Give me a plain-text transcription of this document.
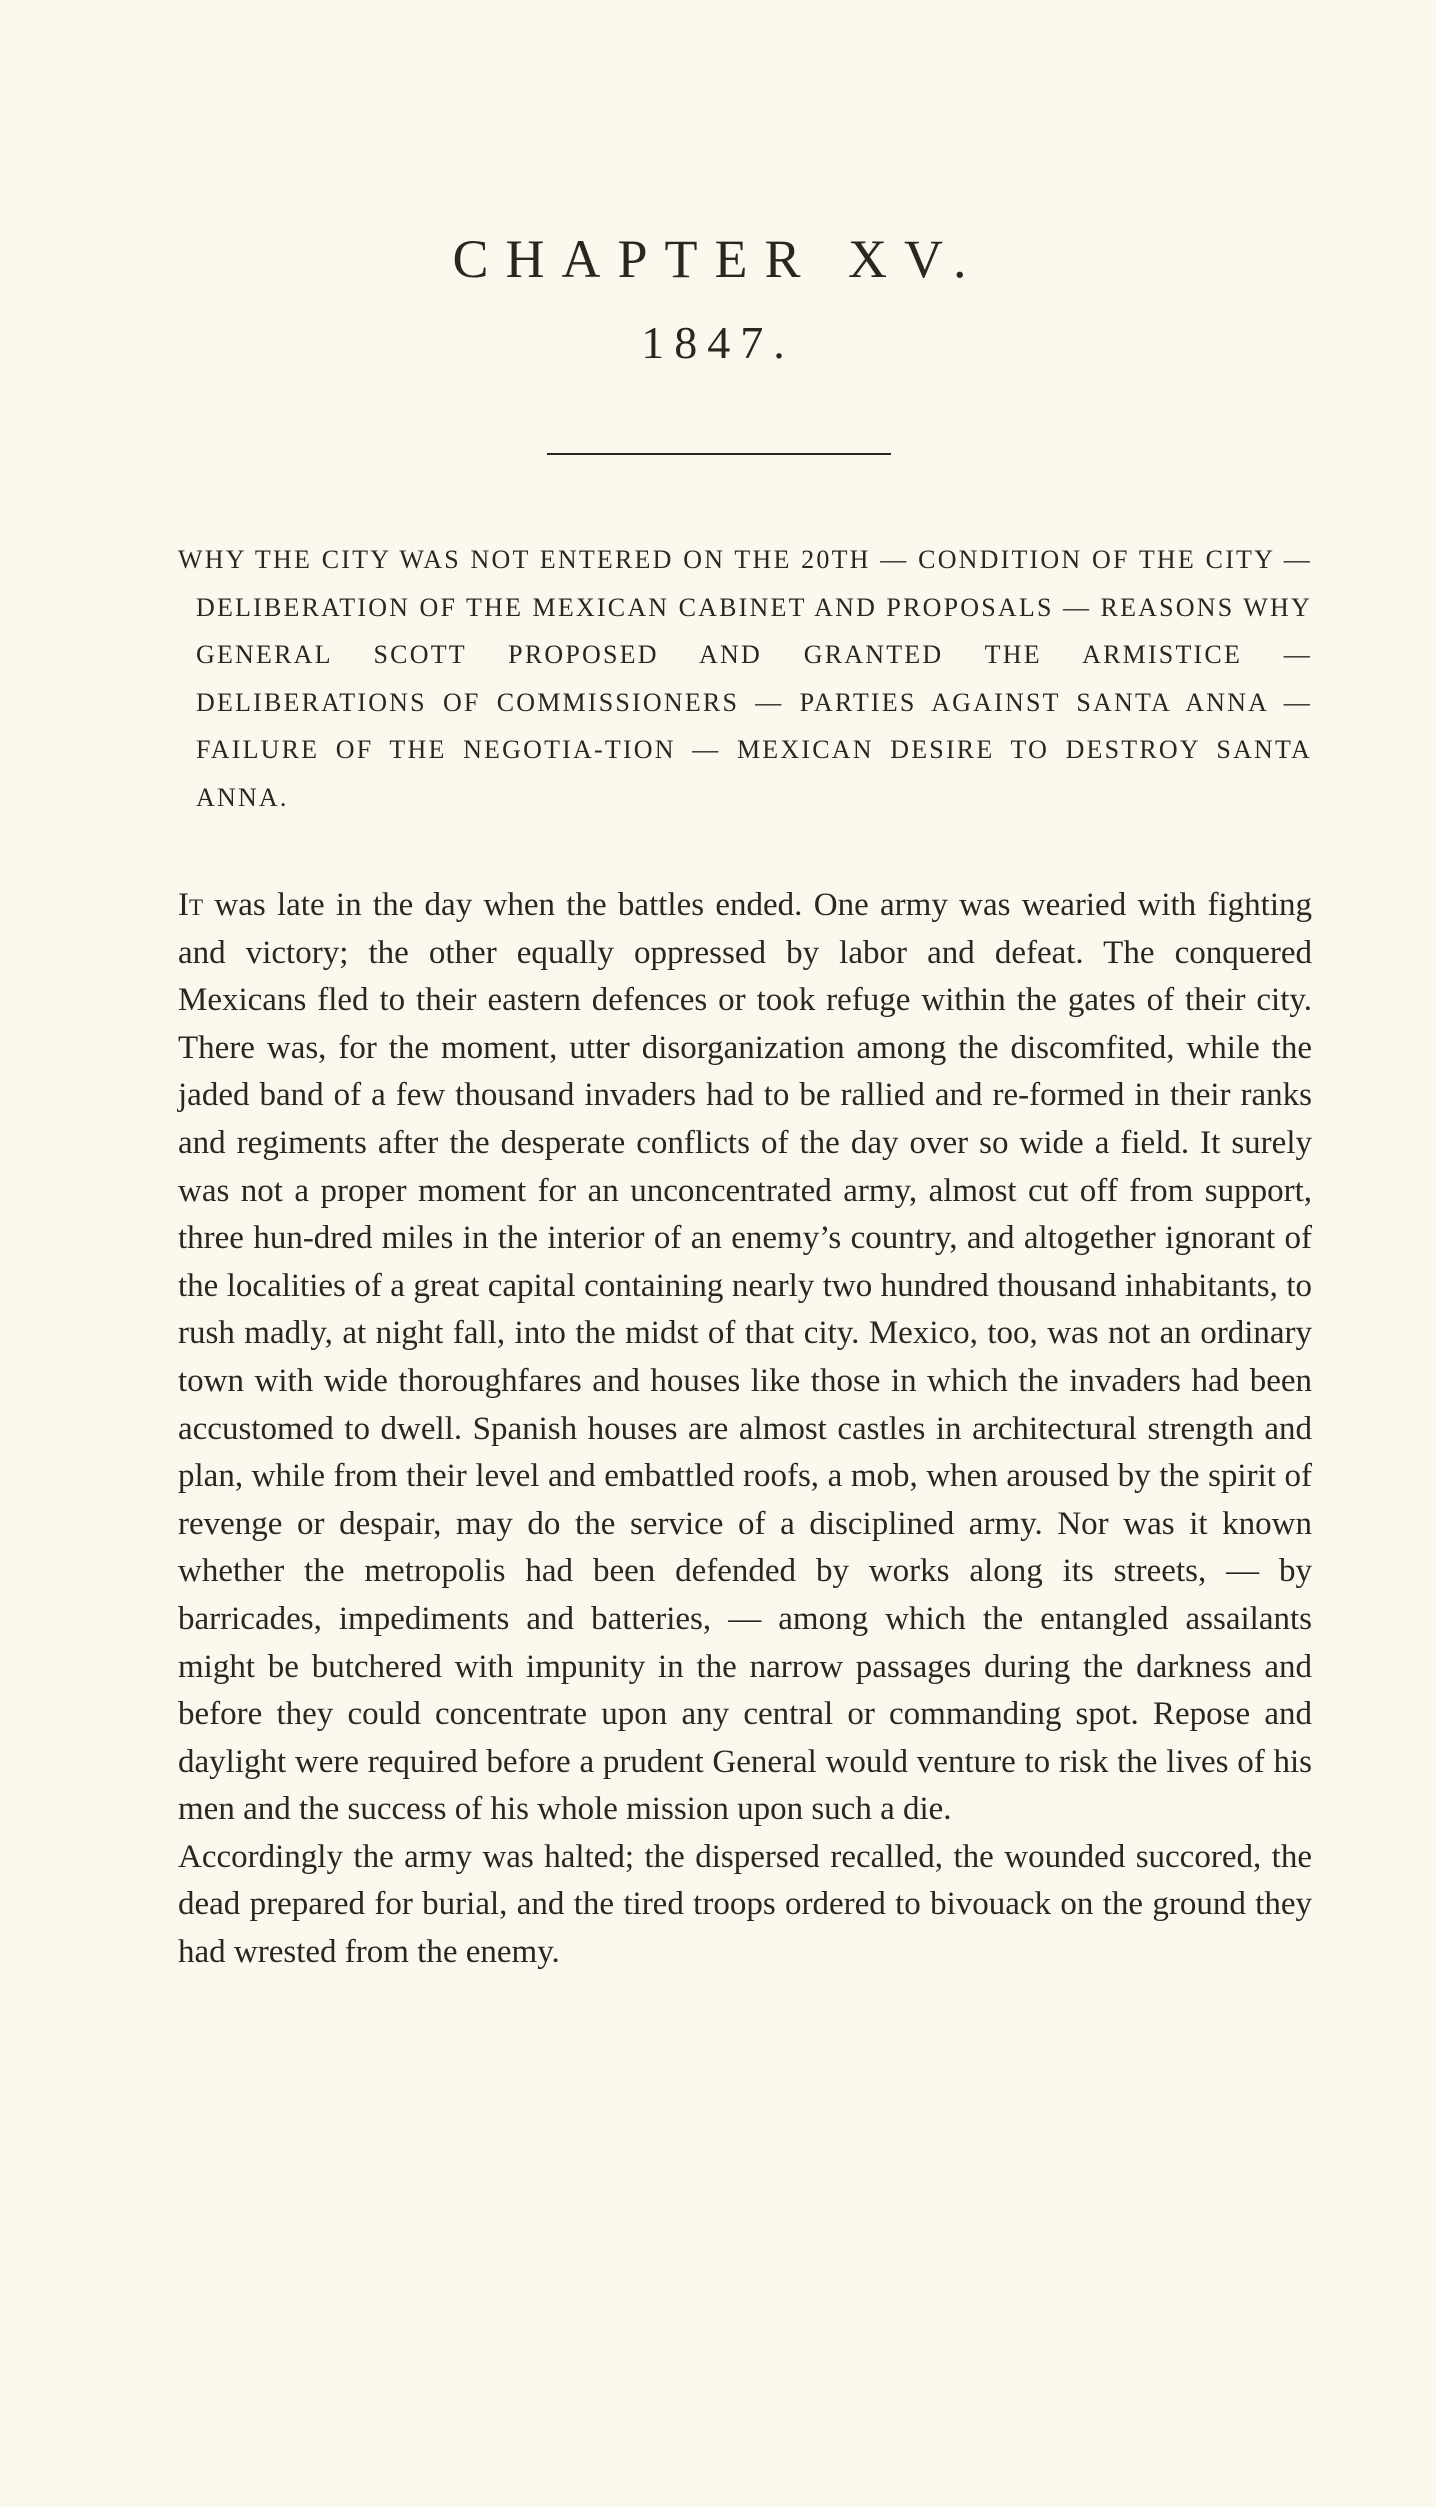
CHAPTER XV.
1847.
WHY THE CITY WAS NOT ENTERED ON THE 20TH — CONDITION OF THE CITY — DELIBERATION OF THE MEXICAN CABINET AND PROPOSALS — REASONS WHY GENERAL SCOTT PROPOSED AND GRANTED THE ARMISTICE — DELIBERATIONS OF COMMISSIONERS — PARTIES AGAINST SANTA ANNA — FAILURE OF THE NEGOTIA-TION — MEXICAN DESIRE TO DESTROY SANTA ANNA.

It was late in the day when the battles ended. One army was wearied with fighting and victory; the other equally oppressed by labor and defeat. The conquered Mexicans fled to their eastern defences or took refuge within the gates of their city. There was, for the moment, utter disorganization among the discomfited, while the jaded band of a few thousand invaders had to be rallied and re-formed in their ranks and regiments after the desperate conflicts of the day over so wide a field. It surely was not a proper moment for an unconcentrated army, almost cut off from support, three hun-dred miles in the interior of an enemy’s country, and altogether ignorant of the localities of a great capital containing nearly two hundred thousand inhabitants, to rush madly, at night fall, into the midst of that city. Mexico, too, was not an ordinary town with wide thoroughfares and houses like those in which the invaders had been accustomed to dwell. Spanish houses are almost castles in architectural strength and plan, while from their level and embattled roofs, a mob, when aroused by the spirit of revenge or despair, may do the service of a disciplined army. Nor was it known whether the metropolis had been defended by works along its streets, — by barricades, impediments and batteries, — among which the entangled assailants might be butchered with impunity in the narrow passages during the darkness and before they could concentrate upon any central or commanding spot. Repose and daylight were required before a prudent General would venture to risk the lives of his men and the success of his whole mission upon such a die.

Accordingly the army was halted; the dispersed recalled, the wounded succored, the dead prepared for burial, and the tired troops ordered to bivouack on the ground they had wrested from the enemy.
